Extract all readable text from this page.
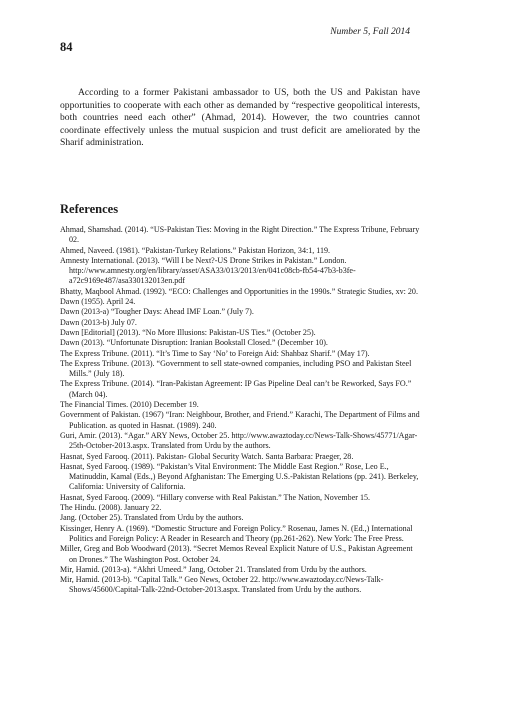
Number 5, Fall 2014
84

According to a former Pakistani ambassador to US, both the US and Pakistan have opportunities to cooperate with each other as demanded by “respective geopolitical interests, both countries need each other” (Ahmad, 2014). However, the two countries cannot coordinate effectively unless the mutual suspicion and trust deficit are ameliorated by the Sharif administration.

References
Ahmad, Shamshad. (2014). “US-Pakistan Ties: Moving in the Right Direction.” The Express Tribune, February 02.
Ahmed, Naveed. (1981). “Pakistan-Turkey Relations.” Pakistan Horizon, 34:1, 119.
Amnesty International. (2013). “Will I be Next?-US Drone Strikes in Pakistan.” London. http://www.amnesty.org/en/library/asset/ASA33/013/2013/en/041c08cb-fb54-47b3-b3fe-a72c9169e487/asa330132013en.pdf
Bhatty, Maqbool Ahmad. (1992). “ECO: Challenges and Opportunities in the 1990s.” Strategic Studies, xv: 20.
Dawn (1955). April 24.
Dawn (2013-a) “Tougher Days: Ahead IMF Loan.” (July 7).
Dawn (2013-b) July 07.
Dawn [Editorial] (2013). “No More Illusions: Pakistan-US Ties.” (October 25).
Dawn (2013). “Unfortunate Disruption: Iranian Bookstall Closed.” (December 10).
The Express Tribune. (2011). “It’s Time to Say ‘No’ to Foreign Aid: Shahbaz Sharif.” (May 17).
The Express Tribune. (2013). “Government to sell state-owned companies, including PSO and Pakistan Steel Mills.” (July 18).
The Express Tribune. (2014). “Iran-Pakistan Agreement: IP Gas Pipeline Deal can’t be Reworked, Says FO.” (March 04).
The Financial Times. (2010) December 19.
Government of Pakistan. (1967) “Iran: Neighbour, Brother, and Friend.” Karachi, The Department of Films and Publication. as quoted in Hasnat. (1989). 240.
Guri, Amir. (2013). “Agar.” ARY News, October 25. http://www.awaztoday.cc/News-Talk-Shows/45771/Agar-25th-October-2013.aspx. Translated from Urdu by the authors.
Hasnat, Syed Farooq. (2011). Pakistan- Global Security Watch. Santa Barbara: Praeger, 28.
Hasnat, Syed Farooq. (1989). “Pakistan’s Vital Environment: The Middle East Region.” Rose, Leo E., Matinuddin, Kamal (Eds.,) Beyond Afghanistan: The Emerging U.S.-Pakistan Relations (pp. 241). Berkeley, California: University of California.
Hasnat, Syed Farooq. (2009). “Hillary converse with Real Pakistan.” The Nation, November 15.
The Hindu. (2008). January 22.
Jang. (October 25). Translated from Urdu by the authors.
Kissinger, Henry A. (1969). “Domestic Structure and Foreign Policy.” Rosenau, James N. (Ed.,) International Politics and Foreign Policy: A Reader in Research and Theory (pp.261-262). New York: The Free Press.
Miller, Greg and Bob Woodward (2013). “Secret Memos Reveal Explicit Nature of U.S., Pakistan Agreement on Drones.” The Washington Post. October 24.
Mir, Hamid. (2013-a). “Akhri Umeed.” Jang, October 21. Translated from Urdu by the authors.
Mir, Hamid. (2013-b). “Capital Talk.” Geo News, October 22. http://www.awaztoday.cc/News-Talk-Shows/45600/Capital-Talk-22nd-October-2013.aspx. Translated from Urdu by the authors.
